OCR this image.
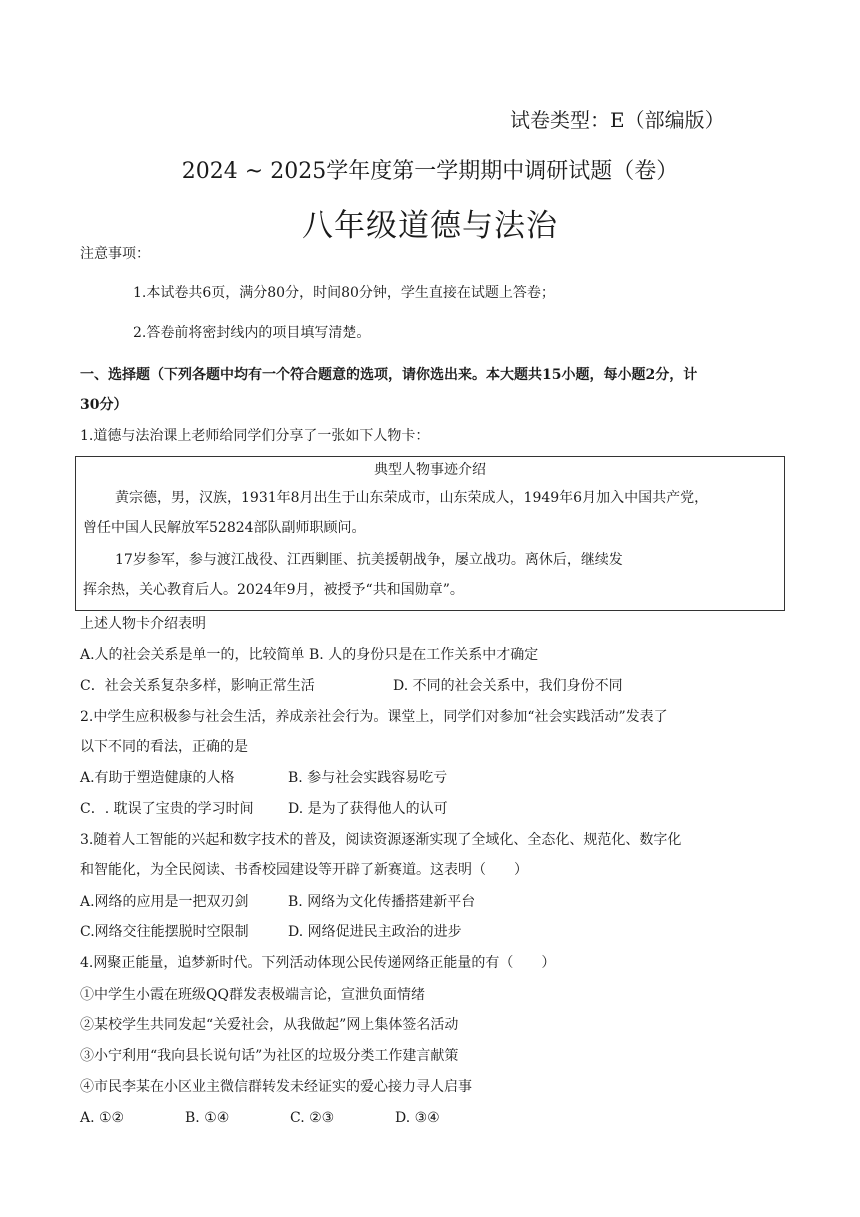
试卷类型：E（部编版）
2024 ~ 2025学年度第一学期期中调研试题（卷）
八年级道德与法治
注意事项：
1.本试卷共6页，满分80分，时间80分钟，学生直接在试题上答卷；
2.答卷前将密封线内的项目填写清楚。
一、选择题（下列各题中均有一个符合题意的选项，请你选出来。本大题共15小题，每小题2分，计
30分）
1.道德与法治课上老师给同学们分享了一张如下人物卡：
典型人物事迹介绍
黄宗德，男，汉族，1931年8月出生于山东荣成市，山东荣成人，1949年6月加入中国共产党，
曾任中国人民解放军52824部队副师职顾问。
17岁参军，参与渡江战役、江西剿匪、抗美援朝战争，屡立战功。离休后，继续发
挥余热，关心教育后人。2024年9月，被授予“共和国勋章”。
上述人物卡介绍表明
A.人的社会关系是单一的，比较简单 B. 人的身份只是在工作关系中才确定
C．社会关系复杂多样，影响正常生活	D. 不同的社会关系中，我们身份不同
2.中学生应积极参与社会生活，养成亲社会行为。课堂上，同学们对参加“社会实践活动”发表了
以下不同的看法，正确的是
A.有助于塑造健康的人格	B. 参与社会实践容易吃亏
C．. 耽误了宝贵的学习时间 D. 是为了获得他人的认可
3.随着人工智能的兴起和数字技术的普及，阅读资源逐渐实现了全域化、全态化、规范化、数字化
和智能化，为全民阅读、书香校园建设等开辟了新赛道。这表明（　　）
A.网络的应用是一把双刃剑	B. 网络为文化传播搭建新平台
C.网络交往能摆脱时空限制	D. 网络促进民主政治的进步
4.网聚正能量，追梦新时代。下列活动体现公民传递网络正能量的有（　　）
①中学生小霞在班级QQ群发表极端言论，宣泄负面情绪
②某校学生共同发起“关爱社会，从我做起”网上集体签名活动
③小宁利用“我向县长说句话”为社区的垃圾分类工作建言献策
④市民李某在小区业主微信群转发未经证实的爱心接力寻人启事
A. ①②	B. ①④	C. ②③	D. ③④
